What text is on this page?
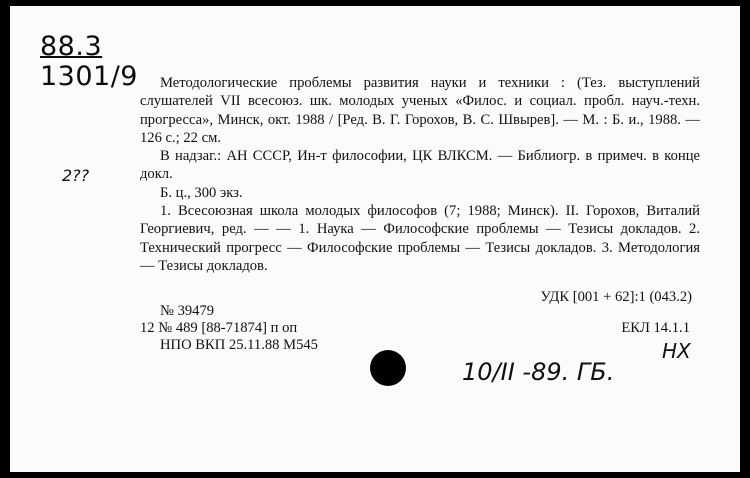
88.3
1301/9
2??
Методологические проблемы развития науки и техники : (Тез. выступлений слушателей VII всесоюз. шк. молодых ученых «Филос. и социал. пробл. науч.-техн. прогресса», Минск, окт. 1988 / [Ред. В. Г. Горохов, В. С. Швырев]. — М. : Б. и., 1988. — 126 с.; 22 см.
В надзаг.: АН СССР, Ин-т философии, ЦК ВЛКСМ. — Библиогр. в примеч. в конце докл.
Б. ц., 300 экз.
1. Всесоюзная школа молодых философов (7; 1988; Минск). II. Горохов, Виталий Георгиевич, ред. — — 1. Наука — Философские проблемы — Тезисы докладов. 2. Технический прогресс — Философские проблемы — Тезисы докладов. 3. Методология — Тезисы докладов.
УДК [001 + 62]:1 (043.2)
№ 39479
12 № 489 [88-71874] п оп	ЕКЛ 14.1.1
НПО ВКП 25.11.88 М545
10/II -89. ГБ.
НХ
